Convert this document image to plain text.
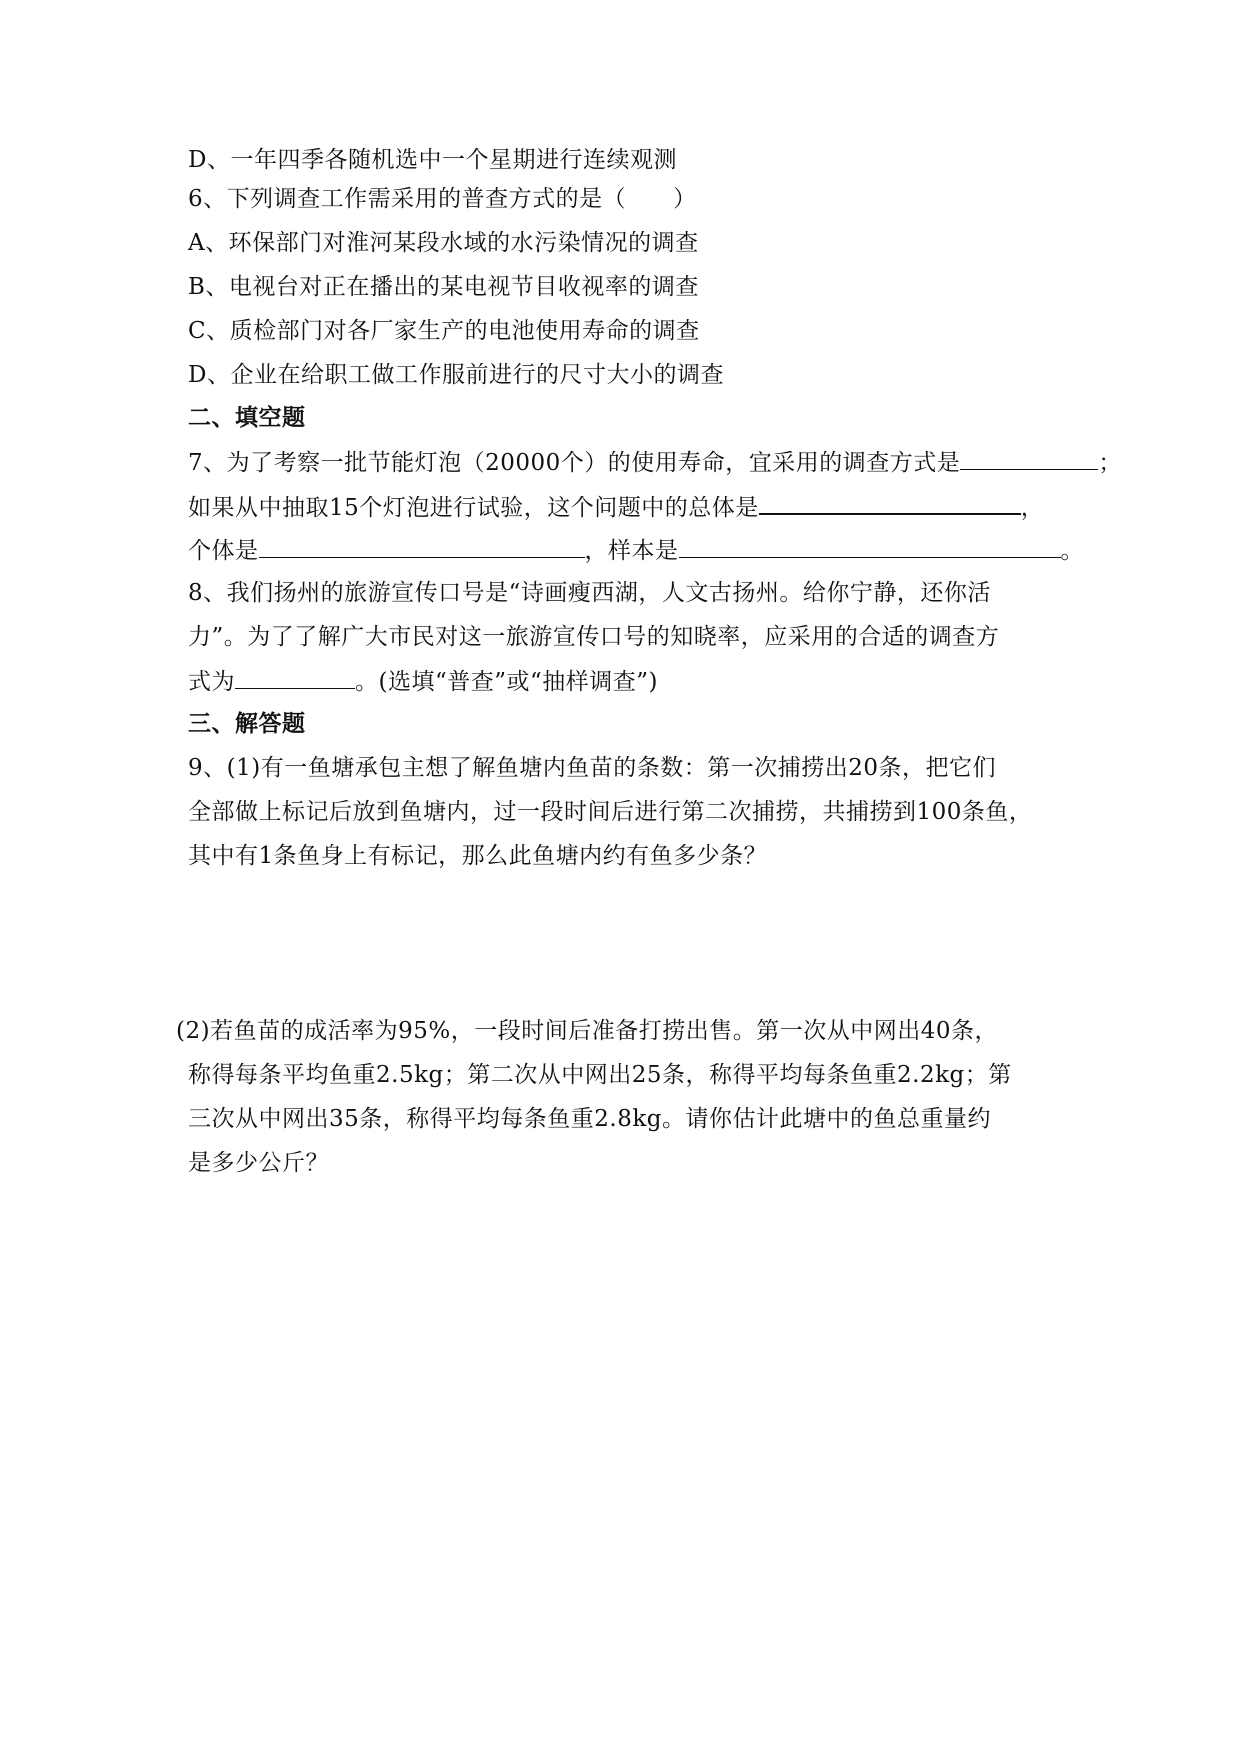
D、一年四季各随机选中一个星期进行连续观测
6、下列调查工作需采用的普查方式的是（　　）
A、环保部门对淮河某段水域的水污染情况的调查
B、电视台对正在播出的某电视节目收视率的调查
C、质检部门对各厂家生产的电池使用寿命的调查
D、企业在给职工做工作服前进行的尺寸大小的调查
二、填空题
7、为了考察一批节能灯泡（20000个）的使用寿命，宜采用的调查方式是	；
如果从中抽取15个灯泡进行试验，这个问题中的总体是	，
个体是	，样本是	。
8、我们扬州的旅游宣传口号是“诗画瘦西湖，人文古扬州。给你宁静，还你活
力”。为了了解广大市民对这一旅游宣传口号的知晓率，应采用的合适的调查方
式为	。(选填“普查”或“抽样调查”)
三、解答题
9、(1)有一鱼塘承包主想了解鱼塘内鱼苗的条数：第一次捕捞出20条，把它们
全部做上标记后放到鱼塘内，过一段时间后进行第二次捕捞，共捕捞到100条鱼，
其中有1条鱼身上有标记，那么此鱼塘内约有鱼多少条？
(2)若鱼苗的成活率为95%，一段时间后准备打捞出售。第一次从中网出40条，
称得每条平均鱼重2.5kg；第二次从中网出25条，称得平均每条鱼重2.2kg；第
三次从中网出35条，称得平均每条鱼重2.8kg。请你估计此塘中的鱼总重量约
是多少公斤？
